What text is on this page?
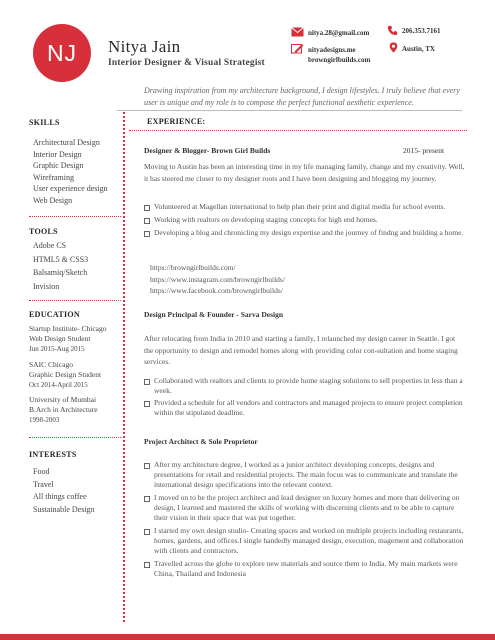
NJ	Nitya Jain
Interior Designer & Visual Strategist
nitya.28@gmail.com	206.353.7161
nityadesigns.me
browngirlbuilds.com
Austin, TX
Drawing inspiration from my architecture background, I design lifestyles. I truly believe that every user is unique and my role is to compose the perfect functional aesthetic experience.
SKILLS
Architectural Design
Interior Design
Graphic Design
Wireframing
User experience design
Web Design
TOOLS
Adobe CS
HTML5 & CSS3
Balsamiq/Sketch
Invision
EDUCATION
Startup Institute- Chicago
Web Design Student
Jun 2015-Aug 2015
SAIC Chicago
Graphic Design Student
Oct 2014-April 2015
University of Mumbai
B.Arch in Architecture
1998-2003
INTERESTS
Food
Travel
All things coffee
Sustainable Design
EXPERIENCE:
Designer & Blogger- Brown Girl Builds	2015- present
Moving to Austin has been an interesting time in my life managing family, change and my creativity. Well, it has steered me closer to my designer roots and I have been designing and blogging my journey.
Volunteered at Magellan international to help plan their print and digital media for school events.
Working with realtors on developing staging concepts for high end homes.
Developing a blog and chronicling my design expertise and the journey of findng and building a home.
https://browngirlbuilds.com/
https://www.instagram.com/browngirlbuilds/
https://www.facebook.com/browngirlbuilds/
Design Principal & Founder - Sarva Design
After relocating from India in 2010 and starting a family, I relaunched my design career in Seattle. I got the opportunity to design and remodel homes along with providing color con-sultation and home staging services.
Collaborated with realtors and clients to provide home staging solutions to sell properties in less than a week.
Provided a schedule for all vendors and contractors and managed projects to ensure project completion within the stipulated deadline.
Project Architect & Sole Proprietor
After my architecture degree, I worked as a junior architect developing concepts, designs and presentations for retail and residential projects. The main focus was to communicate and translate the international design specifications into the relevant context.
I moved on to be the project architect and lead designer on luxury homes and more than delivering on design, I learned and mastered the skills of working with discerning clients and to be able to capture their vision in their space that was put together.
I started my own design studio- Creating spaces and worked on multiple projects including restaurants, homes, gardens, and offices.I single handedly managed design, execution, magement and collaboration with clients and contractors.
Travelled across the globe to explore new materials and source them to India. My main markets were China, Thailand and Indonesia
